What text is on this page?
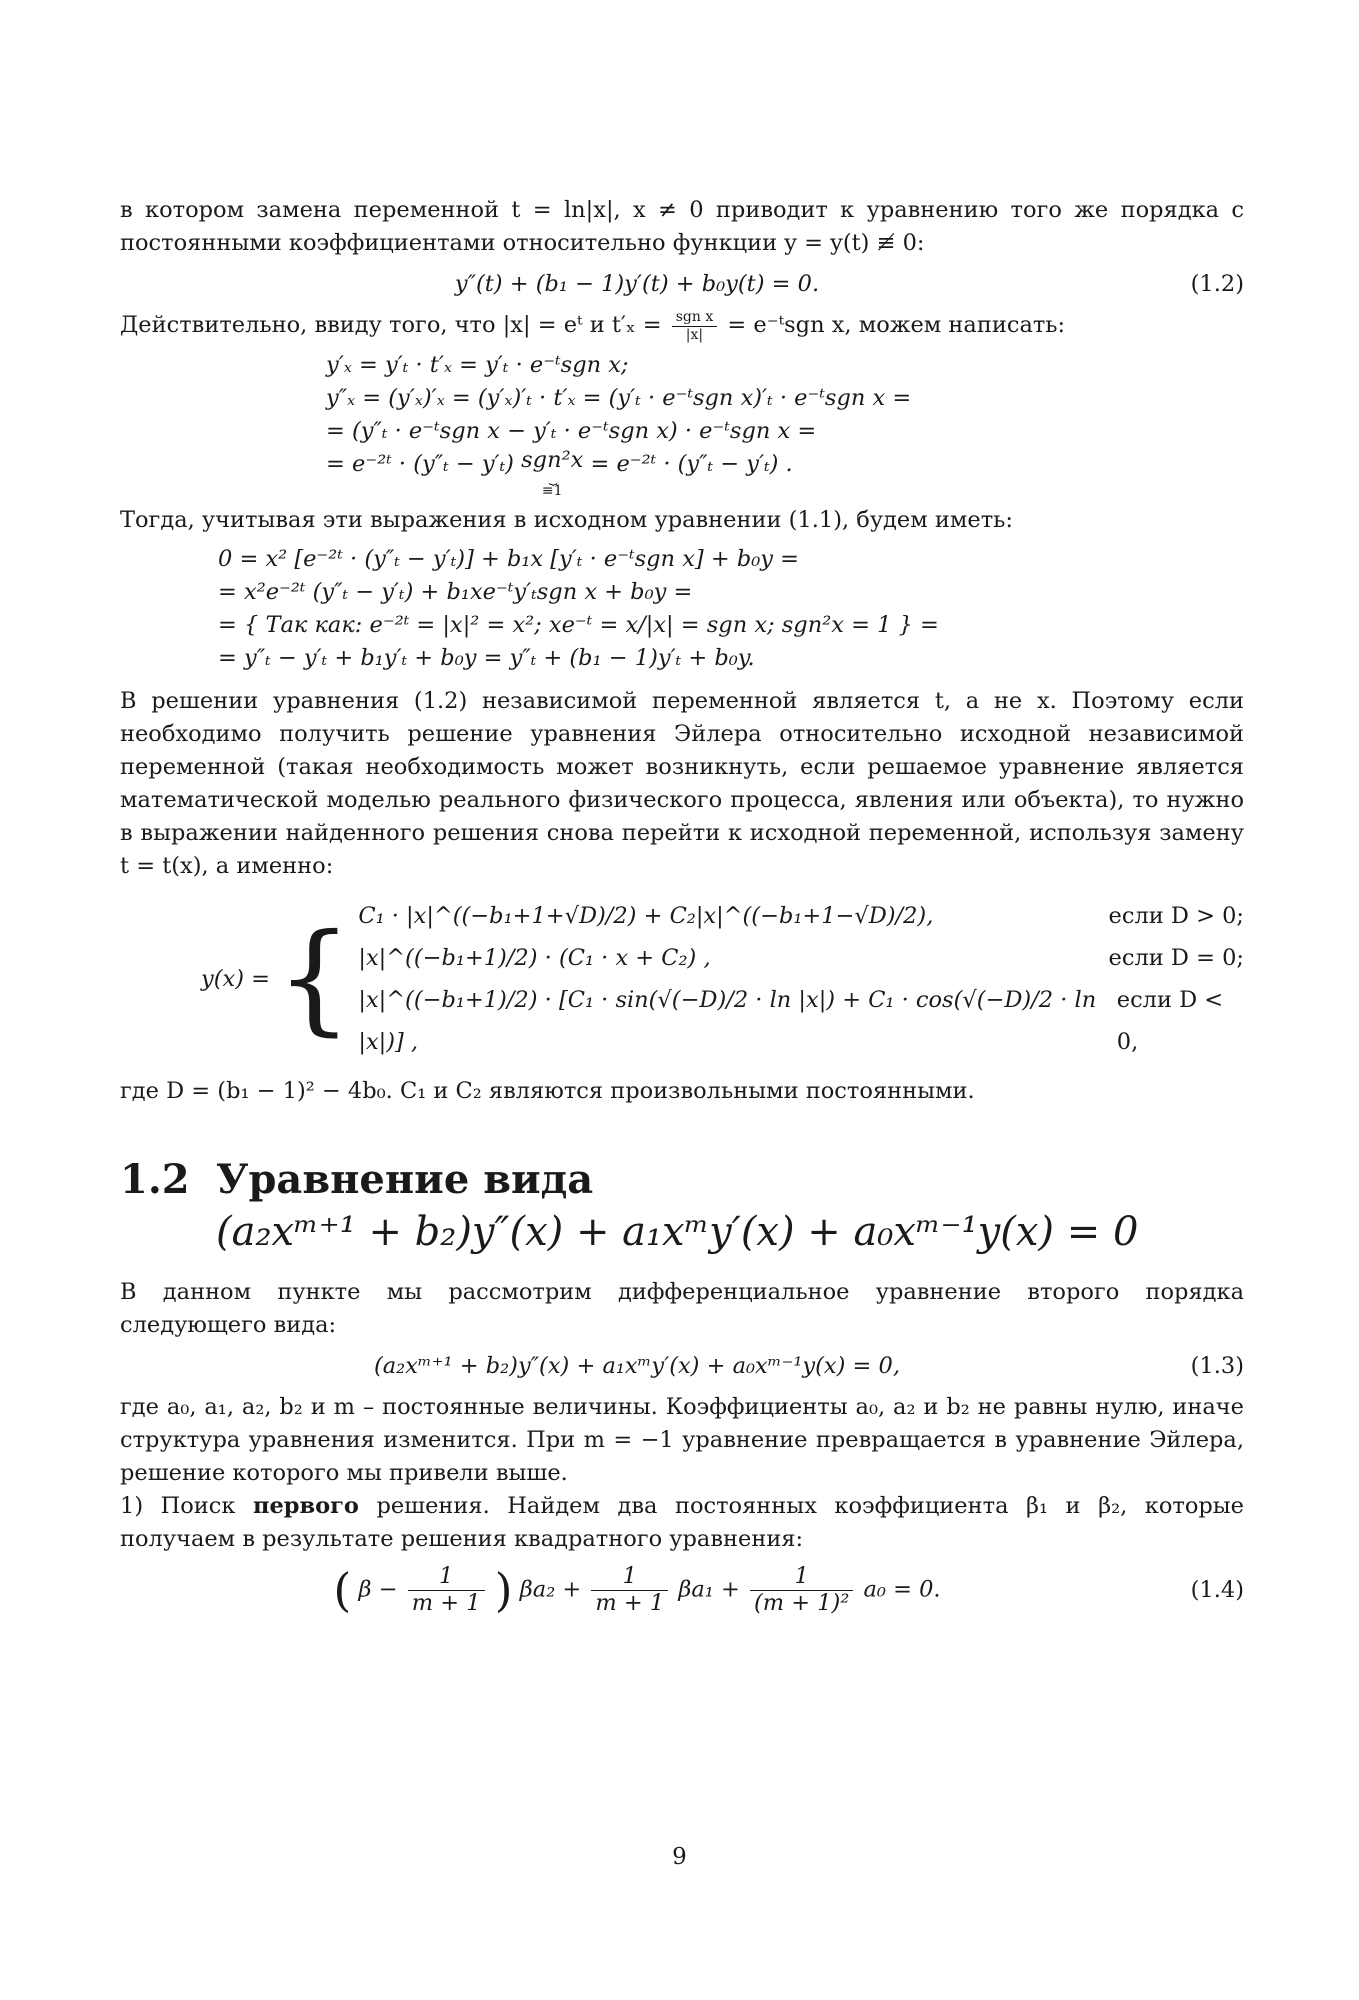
в котором замена переменной t = ln|x|, x ≠ 0 приводит к уравнению того же порядка с постоянными коэффициентами относительно функции y = y(t) ≢ 0:

y″(t) + (b₁ − 1)y′(t) + b₀y(t) = 0.	(1.2)

Действительно, ввиду того, что |x| = eᵗ и $t'_x = \frac{\text{sgn x}}{|x|}$ = e⁻ᵗsgn x, можем написать:

y′ₓ = y′ₜ · t′ₓ = y′ₜ · e⁻ᵗsgn x;
y″ₓ = (y′ₓ)′ₓ = (y′ₓ)′ₜ · t′ₓ = (y′ₜ · e⁻ᵗsgn x)′ₜ · e⁻ᵗsgn x =
= (y″ₜ · e⁻ᵗsgn x − y′ₜ · e⁻ᵗsgn x) · e⁻ᵗsgn x =
= e⁻²ᵗ · (y″ₜ − y′ₜ) sgn²x
⏟
≡1
= e⁻²ᵗ · (y″ₜ − y′ₜ) .

Тогда, учитывая эти выражения в исходном уравнении (1.1), будем иметь:

0 = x² [e⁻²ᵗ · (y″ₜ − y′ₜ)] + b₁x [y′ₜ · e⁻ᵗsgn x] + b₀y =
= x²e⁻²ᵗ (y″ₜ − y′ₜ) + b₁xe⁻ᵗy′ₜsgn x + b₀y =
= { Так как: e⁻²ᵗ = |x|² = x²; xe⁻ᵗ = x/|x| = sgn x; sgn²x = 1 } =
= y″ₜ − y′ₜ + b₁y′ₜ + b₀y = y″ₜ + (b₁ − 1)y′ₜ + b₀y.

В решении уравнения (1.2) независимой переменной является t, а не x. Поэтому если необходимо получить решение уравнения Эйлера относительно исходной независимой переменной (такая необходимость может возникнуть, если решаемое уравнение является математической моделью реального физического процесса, явления или объекта), то нужно в выражении найденного решения снова перейти к исходной переменной, используя замену t = t(x), а именно:

y(x) = { C₁ · |x|^((−b₁+1+√D)/2) + C₂|x|^((−b₁+1−√D)/2),	если D > 0;
|x|^((−b₁+1)/2) · (C₁ · x + C₂) ,	если D = 0;
|x|^((−b₁+1)/2) · [C₁ · sin(√(−D)/2 · ln |x|) + C₁ · cos(√(−D)/2 · ln |x|)] ,
если D < 0,

где D = (b₁ − 1)² − 4b₀. C₁ и C₂ являются произвольными постоянными.

1.2 Уравнение вида
(a₂xᵐ⁺¹ + b₂)y″(x) + a₁xᵐy′(x) + a₀xᵐ⁻¹y(x) = 0

В данном пункте мы рассмотрим дифференциальное уравнение второго порядка следующего вида:

(a₂xᵐ⁺¹ + b₂)y″(x) + a₁xᵐy′(x) + a₀xᵐ⁻¹y(x) = 0,	(1.3)

где a₀, a₁, a₂, b₂ и m – постоянные величины. Коэффициенты a₀, a₂ и b₂ не равны нулю, иначе структура уравнения изменится. При m = −1 уравнение превращается в уравнение Эйлера, решение которого мы привели выше.

1) Поиск первого решения. Найдем два постоянных коэффициента β₁ и β₂, которые получаем в результате решения квадратного уравнения:

( $\beta - \frac{1}{m + 1}$ ) $\beta a_2 + \frac{1}{m + 1} \beta a_1 + \frac{1}{\text{(m + 1)²}} a_0 = 0$.	(1.4)
9
